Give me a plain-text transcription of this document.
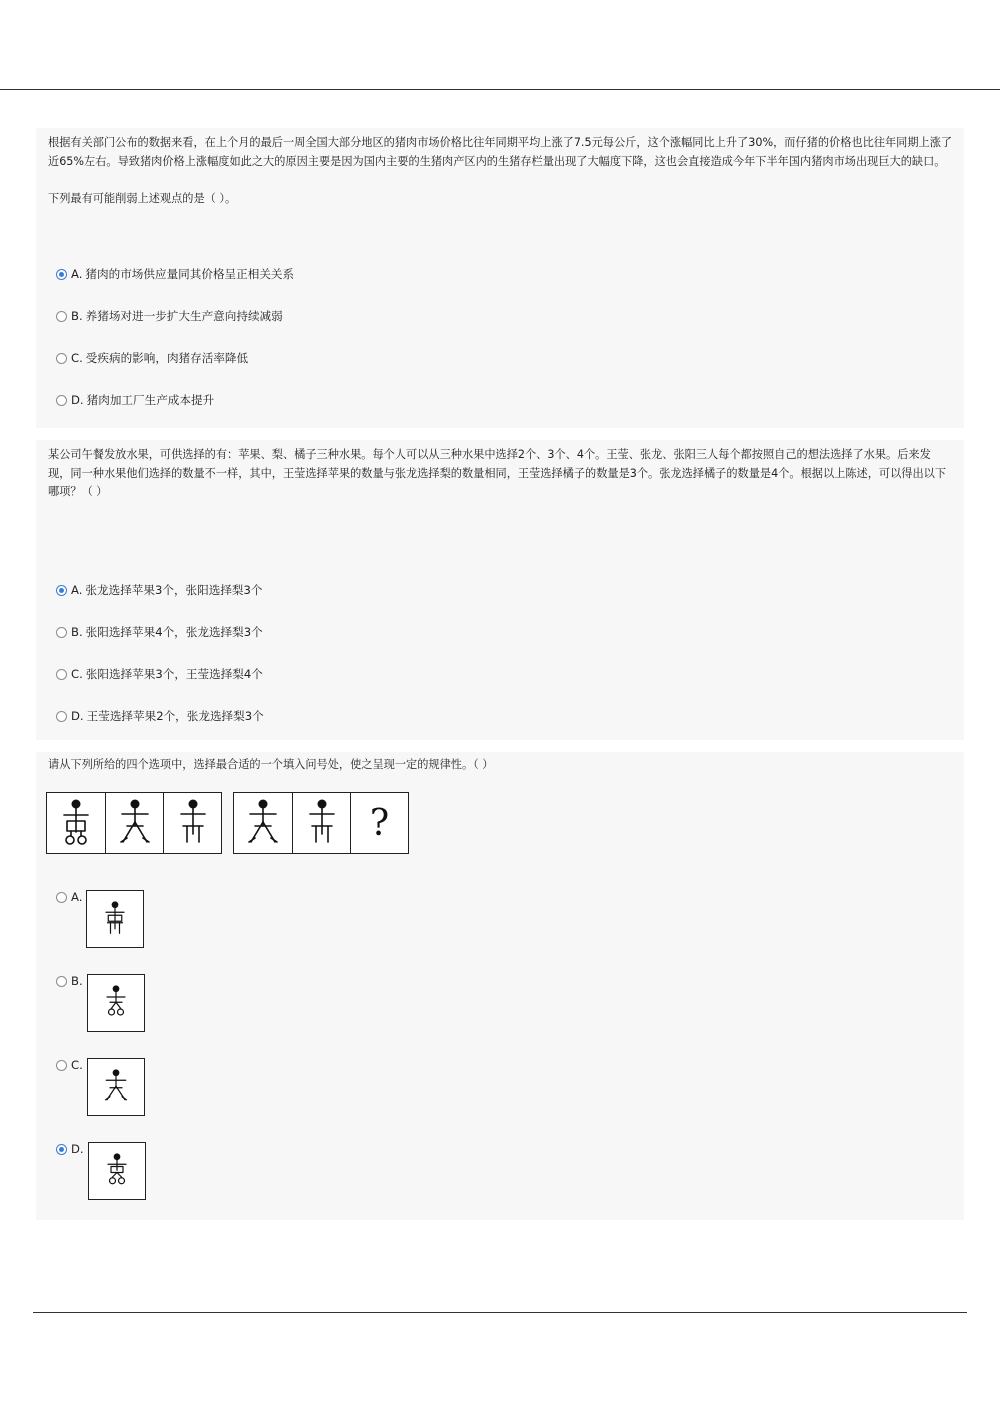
根据有关部门公布的数据来看，在上个月的最后一周全国大部分地区的猪肉市场价格比往年同期平均上涨了7.5元每公斤，这个涨幅同比上升了30%，而仔猪的价格也比往年同期上涨了近65%左右。导致猪肉价格上涨幅度如此之大的原因主要是因为国内主要的生猪肉产区内的生猪存栏量出现了大幅度下降，这也会直接造成今年下半年国内猪肉市场出现巨大的缺口。
下列最有可能削弱上述观点的是（ ）。
A. 猪肉的市场供应量同其价格呈正相关关系
B. 养猪场对进一步扩大生产意向持续减弱
C. 受疾病的影响，肉猪存活率降低
D. 猪肉加工厂生产成本提升
某公司午餐发放水果，可供选择的有：苹果、梨、橘子三种水果。每个人可以从三种水果中选择2个、3个、4个。王莹、张龙、张阳三人每个都按照自己的想法选择了水果。后来发现，同一种水果他们选择的数量不一样，其中，王莹选择苹果的数量与张龙选择梨的数量相同，王莹选择橘子的数量是3个。张龙选择橘子的数量是4个。根据以上陈述，可以得出以下哪项？（ ）
A. 张龙选择苹果3个，张阳选择梨3个
B. 张阳选择苹果4个，张龙选择梨3个
C. 张阳选择苹果3个，王莹选择梨4个
D. 王莹选择苹果2个，张龙选择梨3个
请从下列所给的四个选项中，选择最合适的一个填入问号处，使之呈现一定的规律性。（ ）
?
A.
B.
C.
D.
